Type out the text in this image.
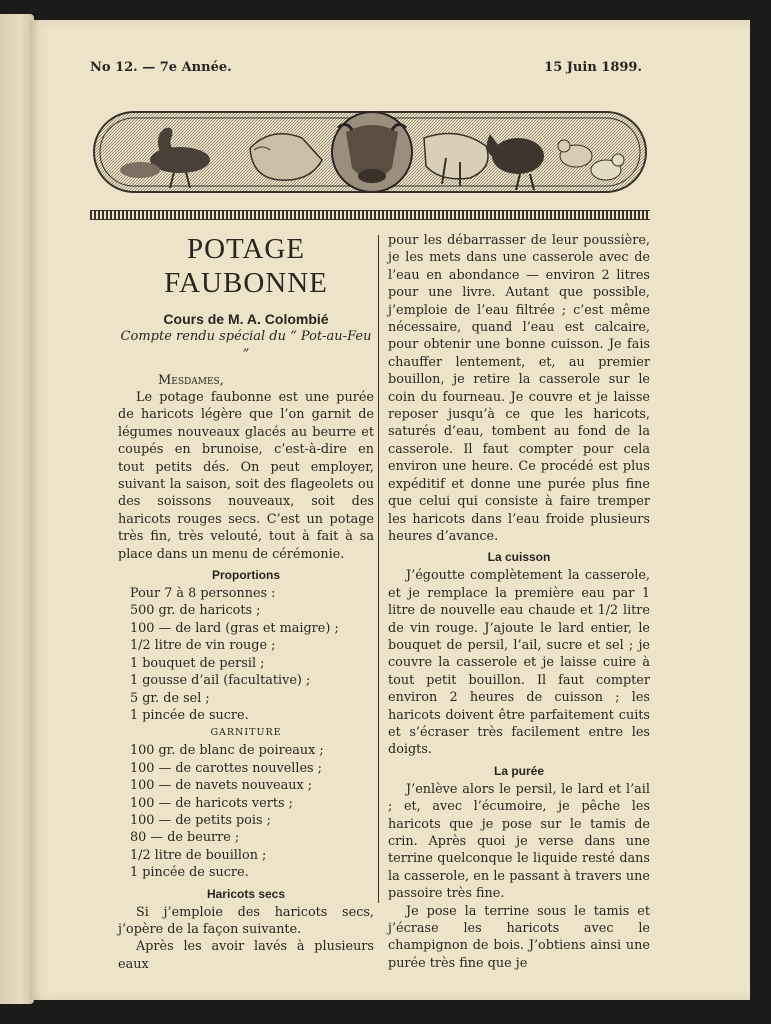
No 12. — 7e Année.	15 Juin 1899.
POTAGE FAUBONNE

Cours de M. A. Colombié

Compte rendu spécial du “ Pot-au-Feu ”

Mesdames,

Le potage faubonne est une purée de haricots légère que l’on garnit de légumes nouveaux glacés au beurre et coupés en brunoise, c’est-à-dire en tout petits dés. On peut employer, suivant la saison, soit des flageolets ou des soissons nouveaux, soit des haricots rouges secs. C’est un potage très fin, très velouté, tout à fait à sa place dans un menu de cérémonie.

Proportions
Pour 7 à 8 personnes :
500 gr. de haricots ;
100 — de lard (gras et maigre) ;
1/2 litre de vin rouge ;
1 bouquet de persil ;
1 gousse d’ail (facultative) ;
5 gr. de sel ;
1 pincée de sucre.
GARNITURE
100 gr. de blanc de poireaux ;
100 — de carottes nouvelles ;
100 — de navets nouveaux ;
100 — de haricots verts ;
100 — de petits pois ;
80 — de beurre ;
1/2 litre de bouillon ;
1 pincée de sucre.
Haricots secs

Si j’emploie des haricots secs, j’opère de la façon suivante.

Après les avoir lavés à plusieurs eaux

pour les débarrasser de leur poussière, je les mets dans une casserole avec de l’eau en abondance — environ 2 litres pour une livre. Autant que possible, j’emploie de l’eau filtrée ; c’est même nécessaire, quand l’eau est calcaire, pour obtenir une bonne cuisson. Je fais chauffer lentement, et, au premier bouillon, je retire la casserole sur le coin du fourneau. Je couvre et je laisse reposer jusqu’à ce que les haricots, saturés d’eau, tombent au fond de la casserole. Il faut compter pour cela environ une heure. Ce procédé est plus expéditif et donne une purée plus fine que celui qui consiste à faire tremper les haricots dans l’eau froide plusieurs heures d’avance.

La cuisson

J’égoutte complètement la casserole, et je remplace la première eau par 1 litre de nouvelle eau chaude et 1/2 litre de vin rouge. J’ajoute le lard entier, le bouquet de persil, l’ail, sucre et sel ; je couvre la casserole et je laisse cuire à tout petit bouillon. Il faut compter environ 2 heures de cuisson ; les haricots doivent être parfaitement cuits et s’écraser très facilement entre les doigts.

La purée

J’enlève alors le persil, le lard et l’ail ; et, avec l’écumoire, je pêche les haricots que je pose sur le tamis de crin. Après quoi je verse dans une terrine quelconque le liquide resté dans la casserole, en le passant à travers une passoire très fine.

Je pose la terrine sous le tamis et j’écrase les haricots avec le champignon de bois. J’obtiens ainsi une purée très fine que je
